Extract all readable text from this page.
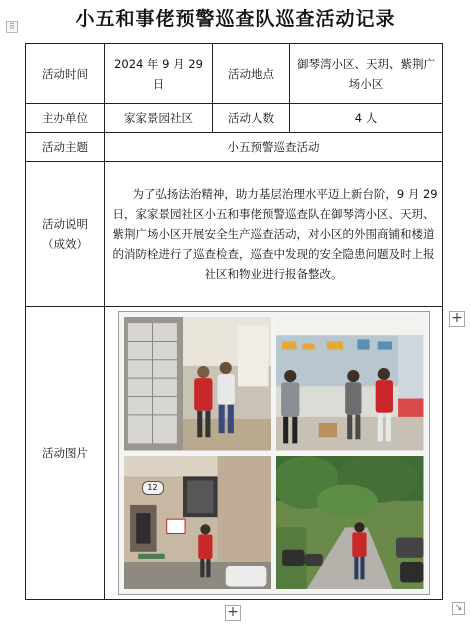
⠿	小五和事佬预警巡查队巡查活动记录
活动时间	2024 年 9 月 29 日	活动地点	御琴湾小区、天玥、紫荆广场小区
主办单位	家家景园社区	活动人数	4 人
活动主题	小五预警巡查活动		

活动说明
（成效）	为了弘扬法治精神，助力基层治理水平迈上新台阶，9 月 29 日，家家景园社区小五和事佬预警巡查队在御琴湾小区、天玥、紫荆广场小区开展安全生产巡查活动，对小区的外围商铺和楼道的消防栓进行了巡查检查，巡查中发现的安全隐患问题及时上报社区和物业进行报备整改。		

活动图片	12		
+
+	↘
